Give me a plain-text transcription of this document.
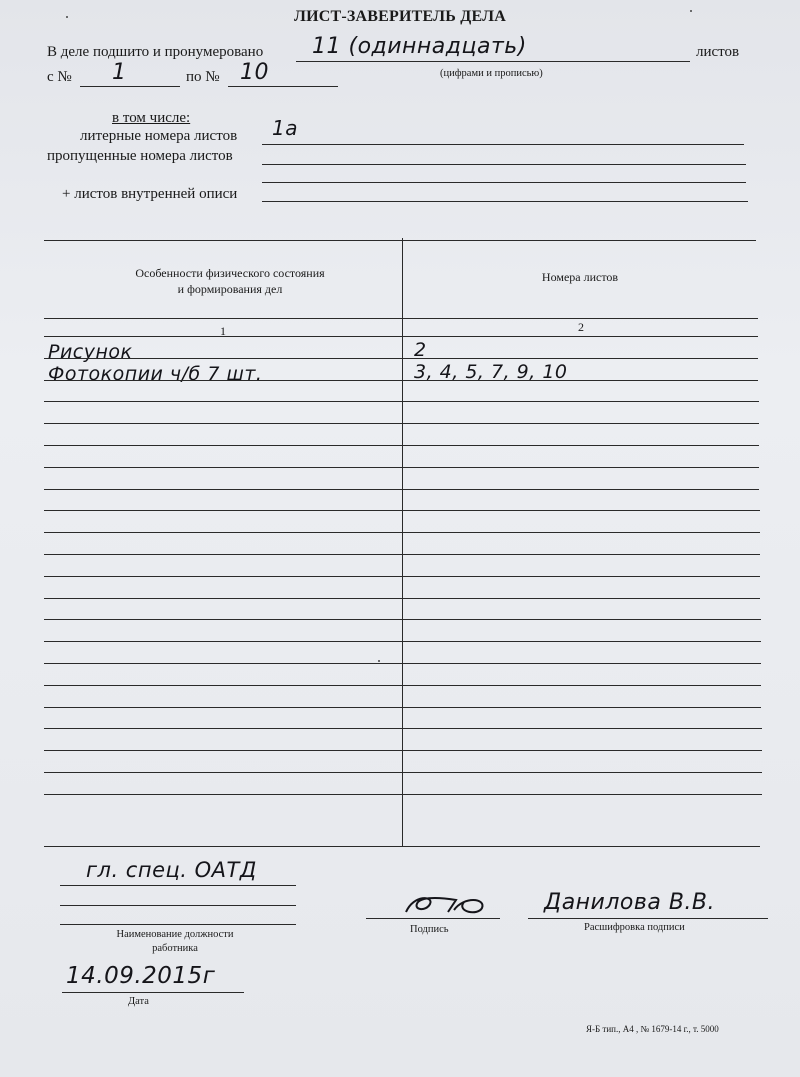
ЛИСТ-ЗАВЕРИТЕЛЬ ДЕЛА
В деле подшито и пронумеровано 11 (одиннадцать)	листов
с № 1	по № 10	(цифрами и прописью)
в том числе:
литерные номера листов 1а
пропущенные номера листов
+ листов внутренней описи
Особенности физического состояния
и формирования дел
Номера листов
1	2
Рисунок	2
Фотокопии ч/б 7 шт.	3, 4, 5, 7, 9, 10
гл. спец. ОАТД
Наименование должности
работника
Подпись
Данилова В.В.
Расшифровка подписи
14.09.2015г
Дата
Я-Б тип., А4 , № 1679-14 г., т. 5000
